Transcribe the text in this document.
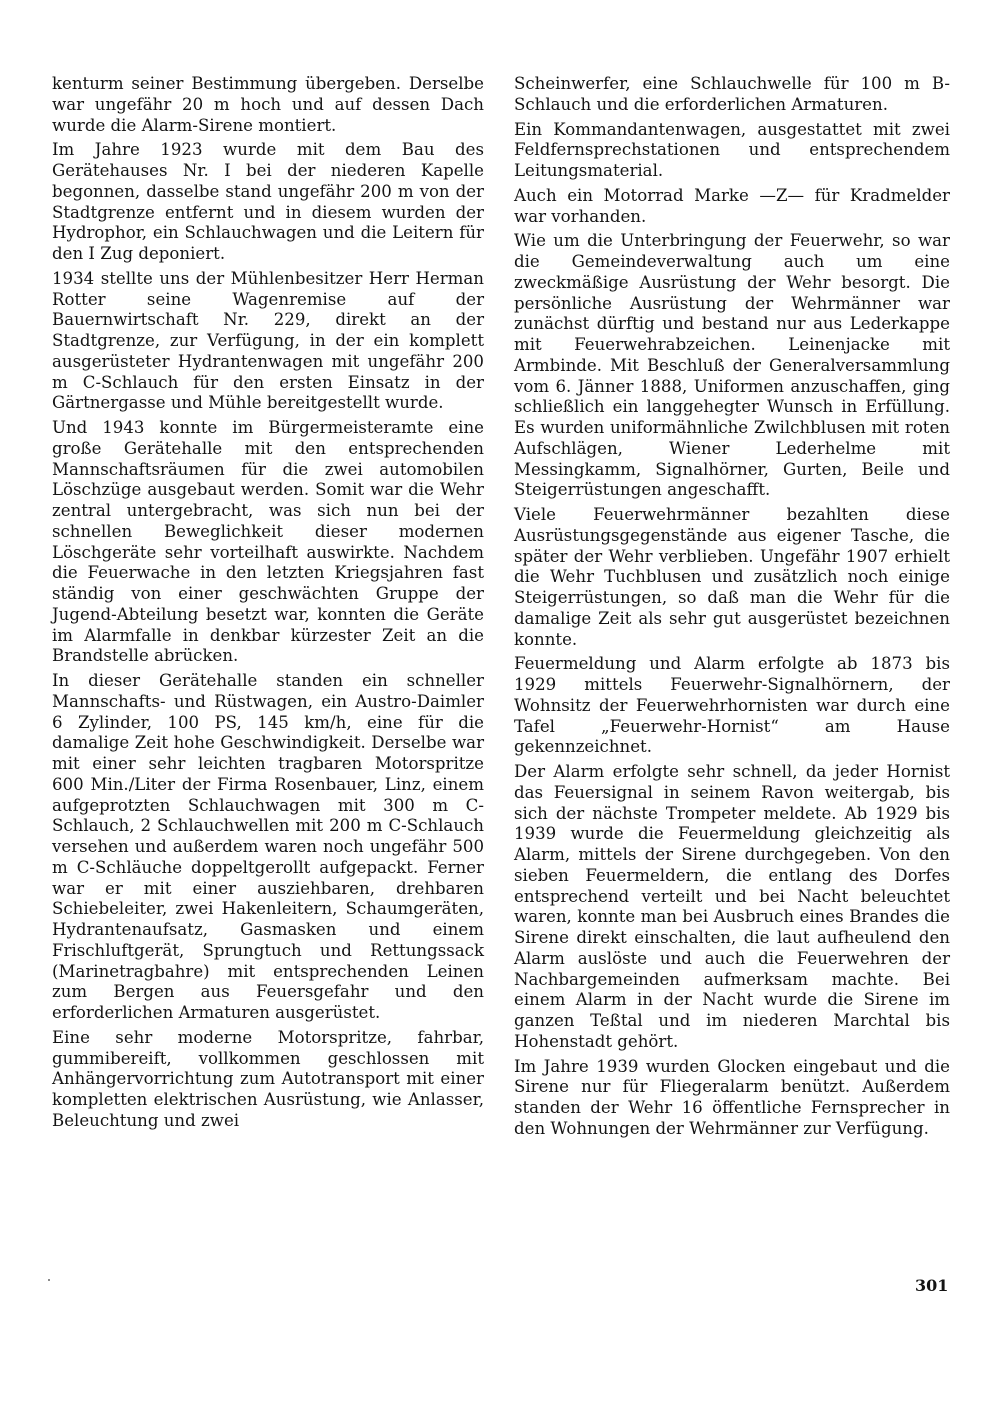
kenturm seiner Bestimmung übergeben. Derselbe war ungefähr 20 m hoch und auf dessen Dach wurde die Alarm-Sirene montiert.

Im Jahre 1923 wurde mit dem Bau des Gerätehauses Nr. I bei der niederen Kapelle begonnen, dasselbe stand ungefähr 200 m von der Stadtgrenze entfernt und in diesem wurden der Hydrophor, ein Schlauchwagen und die Leitern für den I Zug deponiert.

1934 stellte uns der Mühlenbesitzer Herr Herman Rotter seine Wagenremise auf der Bauernwirtschaft Nr. 229, direkt an der Stadtgrenze, zur Verfügung, in der ein komplett ausgerüsteter Hydrantenwagen mit ungefähr 200 m C-Schlauch für den ersten Einsatz in der Gärtnergasse und Mühle bereitgestellt wurde.

Und 1943 konnte im Bürgermeisteramte eine große Gerätehalle mit den entsprechenden Mannschaftsräumen für die zwei automobilen Löschzüge ausgebaut werden. Somit war die Wehr zentral untergebracht, was sich nun bei der schnellen Beweglichkeit dieser modernen Löschgeräte sehr vorteilhaft auswirkte. Nachdem die Feuerwache in den letzten Kriegsjahren fast ständig von einer geschwächten Gruppe der Jugend-Abteilung besetzt war, konnten die Geräte im Alarmfalle in denkbar kürzester Zeit an die Brandstelle abrücken.

In dieser Gerätehalle standen ein schneller Mannschafts- und Rüstwagen, ein Austro-Daimler 6 Zylinder, 100 PS, 145 km/h, eine für die damalige Zeit hohe Geschwindigkeit. Derselbe war mit einer sehr leichten tragbaren Motorspritze 600 Min./Liter der Firma Rosenbauer, Linz, einem aufgeprotzten Schlauchwagen mit 300 m C-Schlauch, 2 Schlauchwellen mit 200 m C-Schlauch versehen und außerdem waren noch ungefähr 500 m C-Schläuche doppeltgerollt aufgepackt. Ferner war er mit einer ausziehbaren, drehbaren Schiebeleiter, zwei Hakenleitern, Schaumgeräten, Hydrantenaufsatz, Gasmasken und einem Frischluftgerät, Sprungtuch und Rettungssack (Marinetragbahre) mit entsprechenden Leinen zum Bergen aus Feuersgefahr und den erforderlichen Armaturen ausgerüstet.

Eine sehr moderne Motorspritze, fahrbar, gummibereift, vollkommen geschlossen mit Anhängervorrichtung zum Autotransport mit einer kompletten elektrischen Ausrüstung, wie Anlasser, Beleuchtung und zwei

Scheinwerfer, eine Schlauchwelle für 100 m B-Schlauch und die erforderlichen Armaturen.

Ein Kommandantenwagen, ausgestattet mit zwei Feldfernsprechstationen und entsprechendem Leitungsmaterial.

Auch ein Motorrad Marke —Z— für Kradmelder war vorhanden.

Wie um die Unterbringung der Feuerwehr, so war die Gemeindeverwaltung auch um eine zweckmäßige Ausrüstung der Wehr besorgt. Die persönliche Ausrüstung der Wehrmänner war zunächst dürftig und bestand nur aus Lederkappe mit Feuerwehrabzeichen. Leinenjacke mit Armbinde. Mit Beschluß der Generalversammlung vom 6. Jänner 1888, Uniformen anzuschaffen, ging schließlich ein langgehegter Wunsch in Erfüllung. Es wurden uniformähnliche Zwilchblusen mit roten Aufschlägen, Wiener Lederhelme mit Messingkamm, Signalhörner, Gurten, Beile und Steigerrüstungen angeschafft.

Viele Feuerwehrmänner bezahlten diese Ausrüstungsgegenstände aus eigener Tasche, die später der Wehr verblieben. Ungefähr 1907 erhielt die Wehr Tuchblusen und zusätzlich noch einige Steigerrüstungen, so daß man die Wehr für die damalige Zeit als sehr gut ausgerüstet bezeichnen konnte.

Feuermeldung und Alarm erfolgte ab 1873 bis 1929 mittels Feuerwehr-Signalhörnern, der Wohnsitz der Feuerwehrhornisten war durch eine Tafel „Feuerwehr-Hornist“ am Hause gekennzeichnet.

Der Alarm erfolgte sehr schnell, da jeder Hornist das Feuersignal in seinem Ravon weitergab, bis sich der nächste Trompeter meldete. Ab 1929 bis 1939 wurde die Feuermeldung gleichzeitig als Alarm, mittels der Sirene durchgegeben. Von den sieben Feuermeldern, die entlang des Dorfes entsprechend verteilt und bei Nacht beleuchtet waren, konnte man bei Ausbruch eines Brandes die Sirene direkt einschalten, die laut aufheulend den Alarm auslöste und auch die Feuerwehren der Nachbargemeinden aufmerksam machte. Bei einem Alarm in der Nacht wurde die Sirene im ganzen Teßtal und im niederen Marchtal bis Hohenstadt gehört.

Im Jahre 1939 wurden Glocken eingebaut und die Sirene nur für Fliegeralarm benützt. Außerdem standen der Wehr 16 öffentliche Fernsprecher in den Wohnungen der Wehrmänner zur Verfügung.

301
